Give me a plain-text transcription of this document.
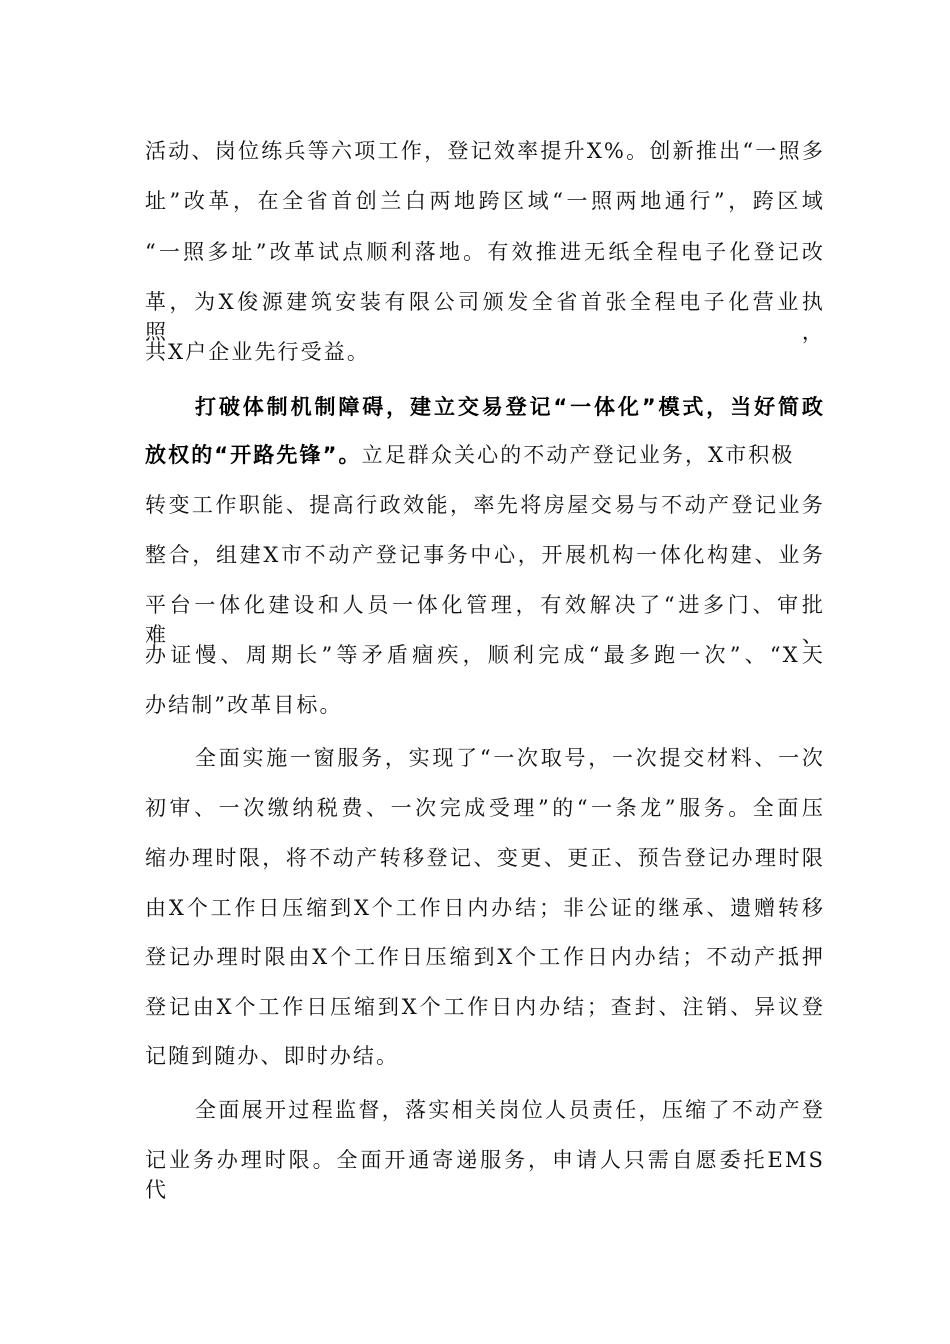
活动、岗位练兵等六项工作，登记效率提升X%。创新推出“一照多
址”改革，在全省首创兰白两地跨区域“一照两地通行”，跨区域
“一照多址”改革试点顺利落地。有效推进无纸全程电子化登记改
革，为X俊源建筑安装有限公司颁发全省首张全程电子化营业执照，
共X户企业先行受益。
打破体制机制障碍，建立交易登记“一体化”模式，当好简政
放权的“开路先锋”。立足群众关心的不动产登记业务，X市积极
转变工作职能、提高行政效能，率先将房屋交易与不动产登记业务
整合，组建X市不动产登记事务中心，开展机构一体化构建、业务
平台一体化建设和人员一体化管理，有效解决了“进多门、审批难、
办证慢、周期长”等矛盾痼疾，顺利完成“最多跑一次”、“X天
办结制”改革目标。
全面实施一窗服务，实现了“一次取号，一次提交材料、一次
初审、一次缴纳税费、一次完成受理”的“一条龙”服务。全面压
缩办理时限，将不动产转移登记、变更、更正、预告登记办理时限
由X个工作日压缩到X个工作日内办结；非公证的继承、遗赠转移
登记办理时限由X个工作日压缩到X个工作日内办结；不动产抵押
登记由X个工作日压缩到X个工作日内办结；查封、注销、异议登
记随到随办、即时办结。
全面展开过程监督，落实相关岗位人员责任，压缩了不动产登
记业务办理时限。全面开通寄递服务，申请人只需自愿委托EMS代
